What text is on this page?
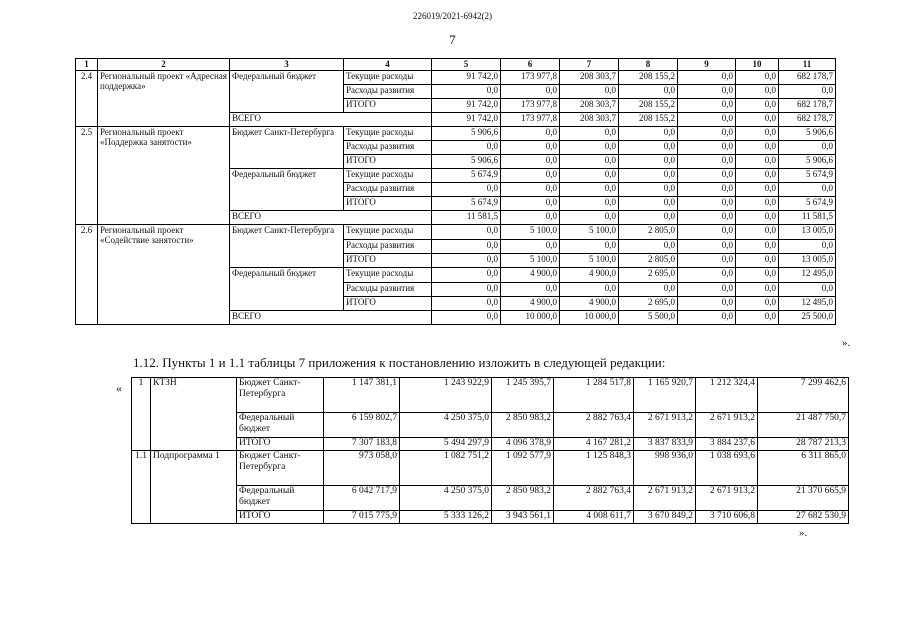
226019/2021-6942(2)
7
1	2	3	4	5	6	7	8	9	10	11
2.4	Региональный проект «Адресная поддержка»	Федеральный бюджет	Текущие расходы	91 742,0	173 977,8	208 303,7	208 155,2	0,0	0,0	682 178,7
			Расходы развития	0,0	0,0	0,0	0,0	0,0	0,0	0,0
			ИТОГО	91 742,0	173 977,8	208 303,7	208 155,2	0,0	0,0	682 178,7
		ВСЕГО		91 742,0	173 977,8	208 303,7	208 155,2	0,0	0,0	682 178,7
2.5	Региональный проект «Поддержка занятости»	Бюджет Санкт-Петербурга	Текущие расходы	5 906,6	0,0	0,0	0,0	0,0	0,0	5 906,6
			Расходы развития	0,0	0,0	0,0	0,0	0,0	0,0	0,0
			ИТОГО	5 906,6	0,0	0,0	0,0	0,0	0,0	5 906,6
		Федеральный бюджет	Текущие расходы	5 674,9	0,0	0,0	0,0	0,0	0,0	5 674,9
			Расходы развития	0,0	0,0	0,0	0,0	0,0	0,0	0,0
			ИТОГО	5 674,9	0,0	0,0	0,0	0,0	0,0	5 674,9
		ВСЕГО		11 581,5	0,0	0,0	0,0	0,0	0,0	11 581,5
2.6	Региональный проект «Содействие занятости»	Бюджет Санкт-Петербурга	Текущие расходы	0,0	5 100,0	5 100,0	2 805,0	0,0	0,0	13 005,0
			Расходы развития	0,0	0,0	0,0	0,0	0,0	0,0	0,0
			ИТОГО	0,0	5 100,0	5 100,0	2 805,0	0,0	0,0	13 005,0
		Федеральный бюджет	Текущие расходы	0,0	4 900,0	4 900,0	2 695,0	0,0	0,0	12 495,0
			Расходы развития	0,0	0,0	0,0	0,0	0,0	0,0	0,0
			ИТОГО	0,0	4 900,0	4 900,0	2 695,0	0,0	0,0	12 495,0
		ВСЕГО		0,0	10 000,0	10 000,0	5 500,0	0,0	0,0	25 500,0
».
1.12. Пункты 1 и 1.1 таблицы 7 приложения к постановлению изложить в следующей редакции:
« 1	КТЗН	Бюджет Санкт-Петербурга	1 147 381,1	1 243 922,9	1 245 395,7	1 284 517,8	1 165 920,7	1 212 324,4	7 299 462,6
		Федеральный бюджет	6 159 802,7	4 250 375,0	2 850 983,2	2 882 763,4	2 671 913,2	2 671 913,2	21 487 750,7
		ИТОГО	7 307 183,8	5 494 297,9	4 096 378,9	4 167 281,2	3 837 833,9	3 884 237,6	28 787 213,3
1.1	Подпрограмма 1	Бюджет Санкт-Петербурга	973 058,0	1 082 751,2	1 092 577,9	1 125 848,3	998 936,0	1 038 693,6	6 311 865,0
		Федеральный бюджет	6 042 717,9	4 250 375,0	2 850 983,2	2 882 763,4	2 671 913,2	2 671 913,2	21 370 665,9
		ИТОГО	7 015 775,9	5 333 126,2	3 943 561,1	4 008 611,7	3 670 849,2	3 710 606,8	27 682 530,9
».
